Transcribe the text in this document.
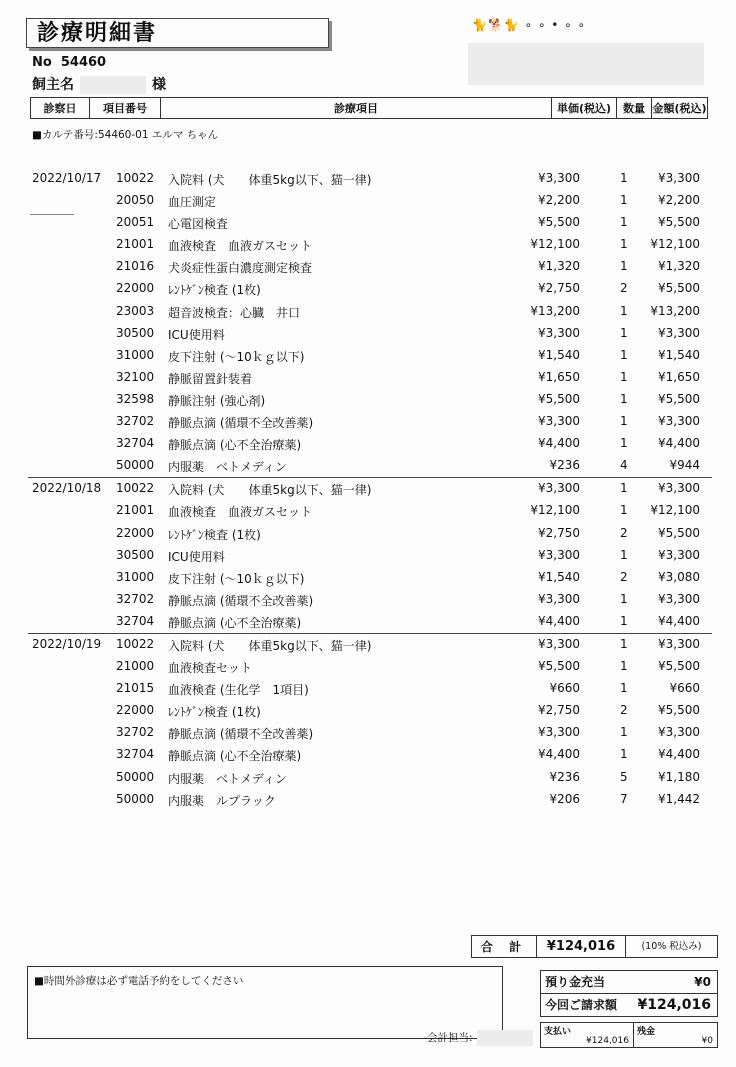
診療明細書	🐈🐕🐈 ∘ ∘ • ∘ ∘
No 54460
飼主名	様
診察日	項目番号	診療項目	単価(税込)	数量 金額(税込)
■カルテ番号:54460-01 エルマ ちゃん
2022/10/17	10022 入院料 (犬　　体重5kg以下、猫一律)	¥3,300	1	¥3,300
20050 血圧測定	¥2,200	1	¥2,200
20051 心電図検査	¥5,500	1	¥5,500
21001 血液検査　血液ガスセット	¥12,100	1 ¥12,100
21016 犬炎症性蛋白濃度測定検査	¥1,320	1	¥1,320
22000 ﾚﾝﾄｹﾞﾝ検査 (1枚)	¥2,750	2	¥5,500
23003 超音波検査：心臓　井口	¥13,200	1 ¥13,200
30500 ICU使用料	¥3,300	1	¥3,300
31000 皮下注射 (～10ｋｇ以下)	¥1,540	1	¥1,540
32100 静脈留置針装着	¥1,650	1	¥1,650
32598 静脈注射 (強心剤)	¥5,500	1	¥5,500
32702 静脈点滴 (循環不全改善薬)	¥3,300	1	¥3,300
32704 静脈点滴 (心不全治療薬)	¥4,400	1	¥4,400
50000 内服薬　ベトメディン	¥236	4	¥944
2022/10/18	10022 入院料 (犬　　体重5kg以下、猫一律)	¥3,300	1	¥3,300
21001 血液検査　血液ガスセット	¥12,100	1 ¥12,100
22000 ﾚﾝﾄｹﾞﾝ検査 (1枚)	¥2,750	2	¥5,500
30500 ICU使用料	¥3,300	1	¥3,300
31000 皮下注射 (～10ｋｇ以下)	¥1,540	2	¥3,080
32702 静脈点滴 (循環不全改善薬)	¥3,300	1	¥3,300
32704 静脈点滴 (心不全治療薬)	¥4,400	1	¥4,400
2022/10/19	10022 入院料 (犬　　体重5kg以下、猫一律)	¥3,300	1	¥3,300
21000 血液検査セット	¥5,500	1	¥5,500
21015 血液検査 (生化学　1項目)	¥660	1	¥660
22000 ﾚﾝﾄｹﾞﾝ検査 (1枚)	¥2,750	2	¥5,500
32702 静脈点滴 (循環不全改善薬)	¥3,300	1	¥3,300
32704 静脈点滴 (心不全治療薬)	¥4,400	1	¥4,400
50000 内服薬　ベトメディン	¥236	5	¥1,180
50000 内服薬　ルプラック	¥206	7	¥1,442
合 計	¥124,016	(10% 税込み)
■時間外診療は必ず電話予約をしてください	預り金充当	¥0
今回ご請求額	¥124,016
会計担当:	支払い
¥124,016
残金
¥0
